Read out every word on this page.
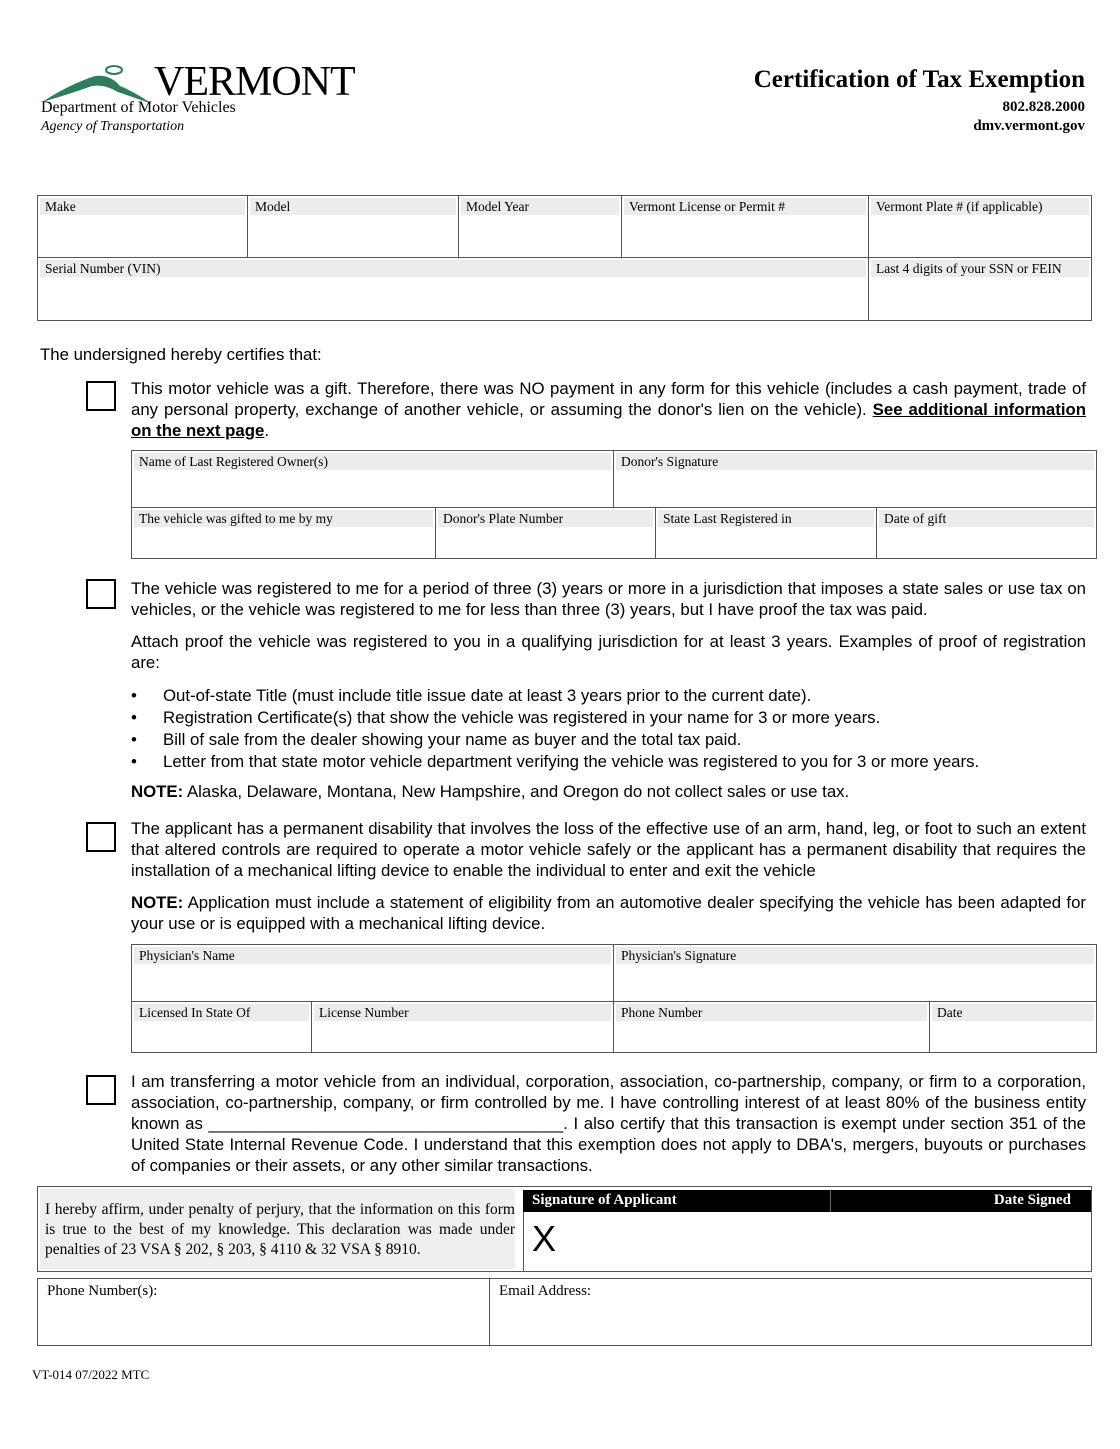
VERMONT
Department of Motor Vehicles
Agency of Transportation
Certification of Tax Exemption
802.828.2000
dmv.vermont.gov
Make	Model	Model Year	Vermont License or Permit #	Vermont Plate # (if applicable)
Serial Number (VIN)	Last 4 digits of your SSN or FEIN
The undersigned hereby certifies that:
This motor vehicle was a gift. Therefore, there was NO payment in any form for this vehicle (includes a cash payment, trade of any personal property, exchange of another vehicle, or assuming the donor's lien on the vehicle). See additional information on the next page.
Name of Last Registered Owner(s)	Donor's Signature
The vehicle was gifted to me by my	Donor's Plate Number	State Last Registered in	Date of gift
The vehicle was registered to me for a period of three (3) years or more in a jurisdiction that imposes a state sales or use tax on vehicles, or the vehicle was registered to me for less than three (3) years, but I have proof the tax was paid.
Attach proof the vehicle was registered to you in a qualifying jurisdiction for at least 3 years. Examples of proof of registration are:
• Out-of-state Title (must include title issue date at least 3 years prior to the current date).
• Registration Certificate(s) that show the vehicle was registered in your name for 3 or more years.
• Bill of sale from the dealer showing your name as buyer and the total tax paid.
• Letter from that state motor vehicle department verifying the vehicle was registered to you for 3 or more years.
NOTE: Alaska, Delaware, Montana, New Hampshire, and Oregon do not collect sales or use tax.
The applicant has a permanent disability that involves the loss of the effective use of an arm, hand, leg, or foot to such an extent that altered controls are required to operate a motor vehicle safely or the applicant has a permanent disability that requires the installation of a mechanical lifting device to enable the individual to enter and exit the vehicle
NOTE: Application must include a statement of eligibility from an automotive dealer specifying the vehicle has been adapted for your use or is equipped with a mechanical lifting device.
Physician's Name	Physician's Signature
Licensed In State Of	License Number	Phone Number	Date
I am transferring a motor vehicle from an individual, corporation, association, co-partnership, company, or firm to a corporation, association, co-partnership, company, or firm controlled by me. I have controlling interest of at least 80% of the business entity known as ______________________________________. I also certify that this transaction is exempt under section 351 of the United State Internal Revenue Code. I understand that this exemption does not apply to DBA's, mergers, buyouts or purchases of companies or their assets, or any other similar transactions.
I hereby affirm, under penalty of perjury, that the information on this form is true to the best of my knowledge. This declaration was made under penalties of 23 VSA § 202, § 203, § 4110 & 32 VSA § 8910.
Signature of Applicant	Date Signed
X
Phone Number(s):	Email Address:
VT-014 07/2022 MTC
